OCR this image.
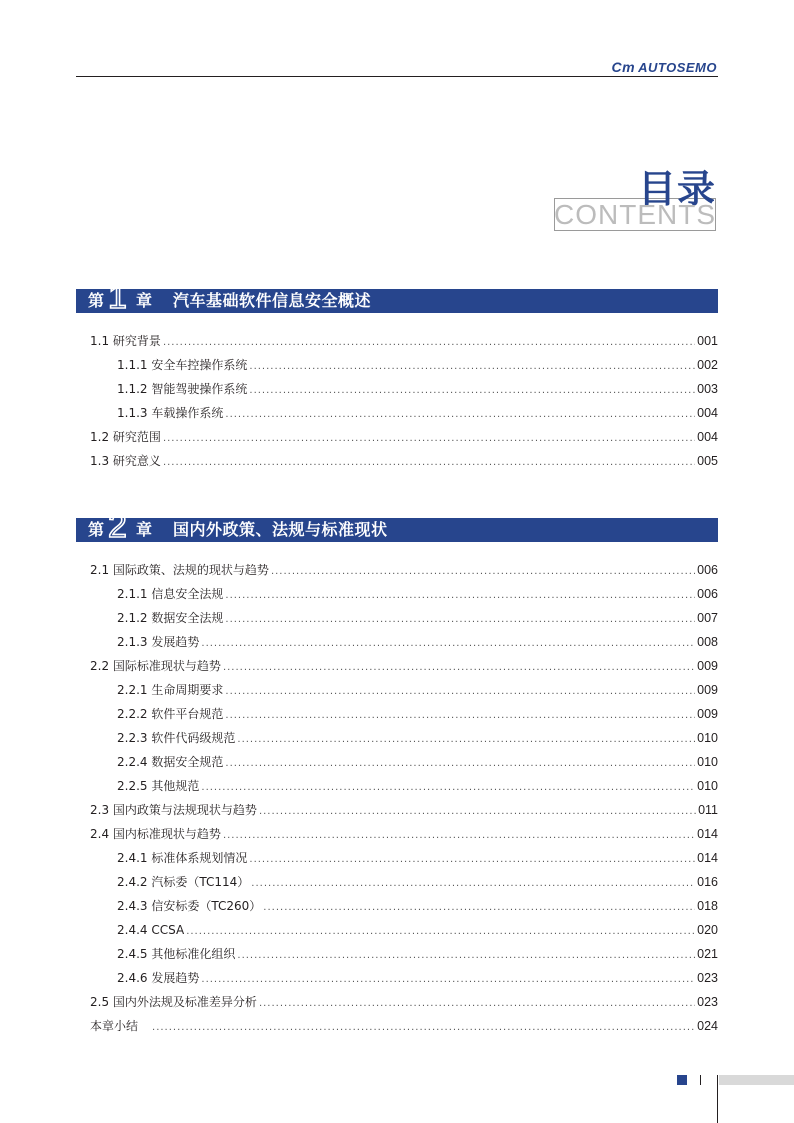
Cm AUTOSEMO
目录
CONTENTS
第 1 章 汽车基础软件信息安全概述
1.1 研究背景 .....	001
1.1.1 安全车控操作系统 .....	002
1.1.2 智能驾驶操作系统 .....	003
1.1.3 车载操作系统 .....	004
1.2 研究范围 .....	004
1.3 研究意义 .....	005
第 2 章 国内外政策、法规与标准现状
2.1 国际政策、法规的现状与趋势 .....	006
2.1.1 信息安全法规 .....	006
2.1.2 数据安全法规 .....	007
2.1.3 发展趋势 .....	008
2.2 国际标准现状与趋势 .....	009
2.2.1 生命周期要求 .....	009
2.2.2 软件平台规范 .....	009
2.2.3 软件代码级规范 .....	010
2.2.4 数据安全规范 .....	010
2.2.5 其他规范 .....	010
2.3 国内政策与法规现状与趋势 .....	011
2.4 国内标准现状与趋势 .....	014
2.4.1 标准体系规划情况 .....	014
2.4.2 汽标委（TC114） .....	016
2.4.3 信安标委（TC260） .....	018
2.4.4 CCSA .....	020
2.4.5 其他标准化组织 .....	021
2.4.6 发展趋势 .....	023
2.5 国内外法规及标准差异分析 .....	023
本章小结 .....	024
